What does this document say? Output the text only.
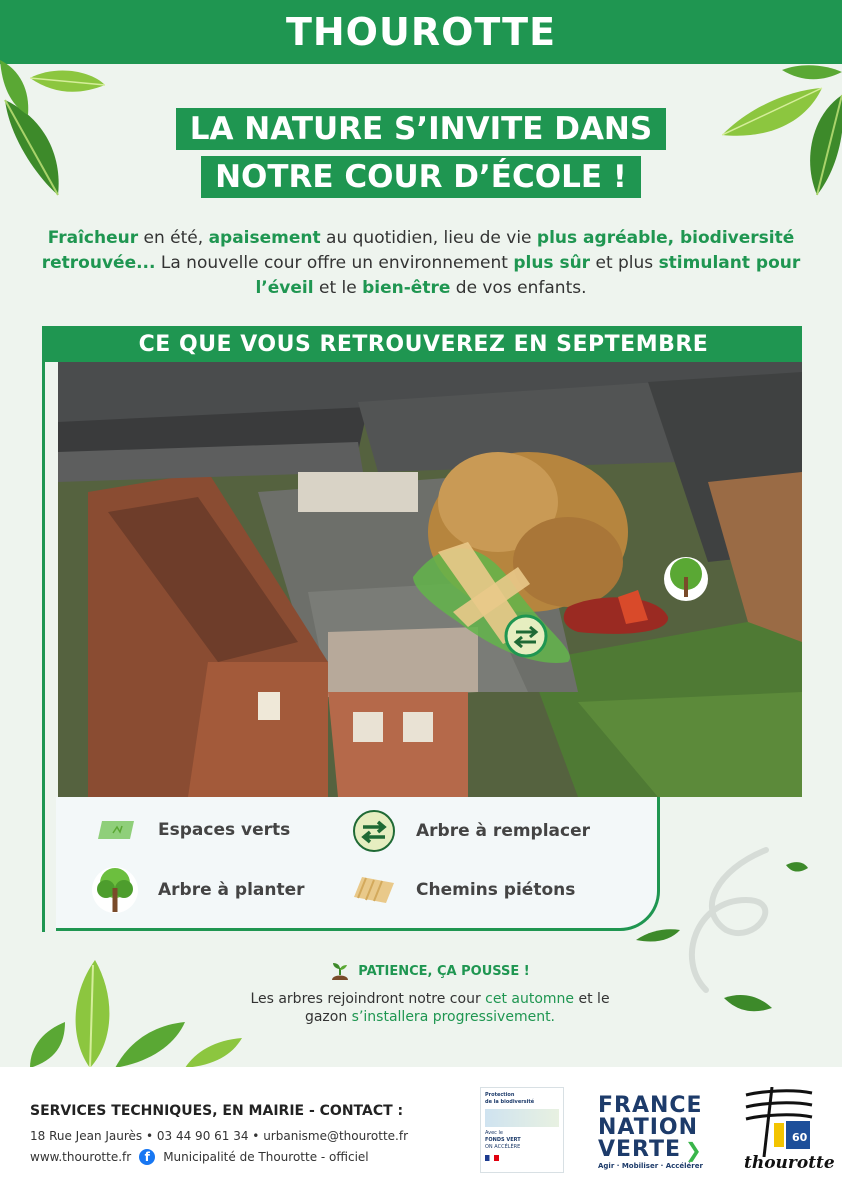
THOUROTTE
LA NATURE S’INVITE DANS
NOTRE COUR D’ÉCOLE !

Fraîcheur en été, apaisement au quotidien, lieu de vie plus agréable, biodiversité retrouvée... La nouvelle cour offre un environnement plus sûr et plus stimulant pour l’éveil et le bien-être de vos enfants.

CE QUE VOUS RETROUVEREZ EN SEPTEMBRE
Espaces verts	Arbre à remplacer
Arbre à planter	Chemins piétons
PATIENCE, ÇA POUSSE !
Les arbres rejoindront notre cour cet automne et le gazon s’installera progressivement.
SERVICES TECHNIQUES, EN MAIRIE - CONTACT :
18 Rue Jean Jaurès • 03 44 90 61 34 • urbanisme@thourotte.fr
www.thourotte.fr	f	Municipalité de Thourotte - officiel
Protection
de la biodiversité
Avec le
FONDS VERT
ON ACCÉLÈRE
FRANCE
NATION
VERTE ❯
Agir · Mobiliser · Accélérer
60
thourotte
